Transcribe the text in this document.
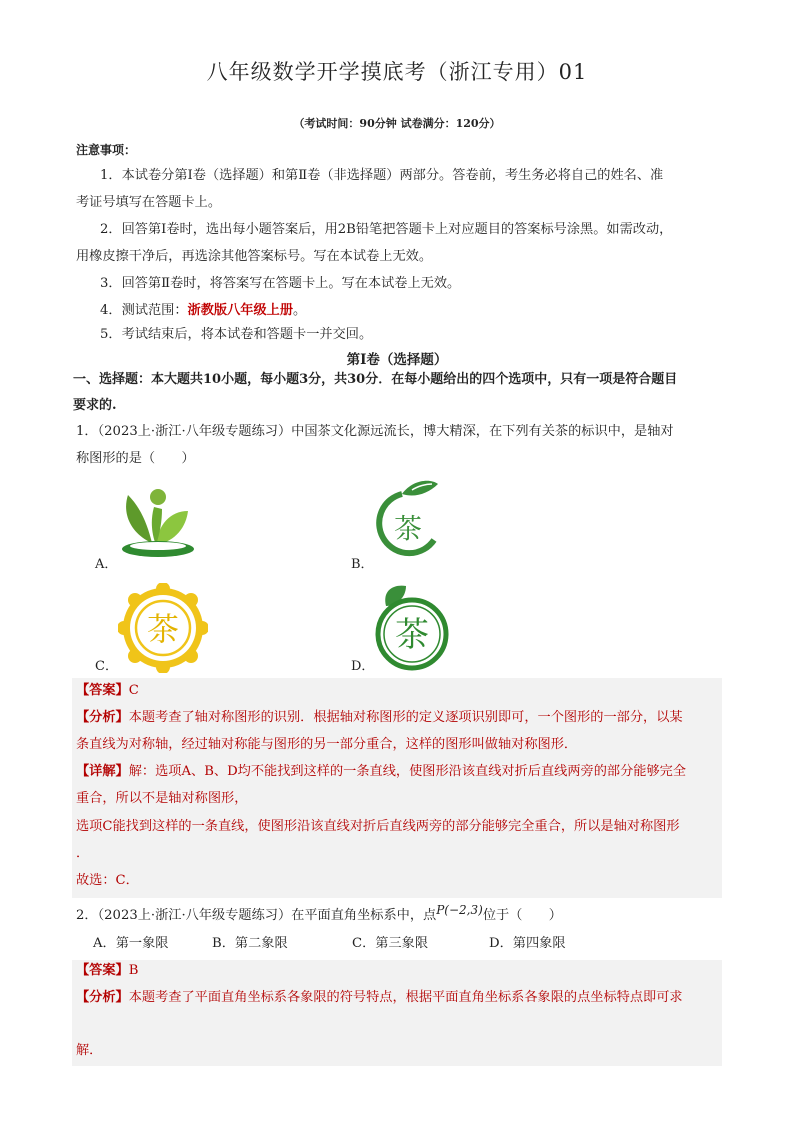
八年级数学开学摸底考（浙江专用）01
（考试时间：90分钟 试卷满分：120分）
注意事项：
1．本试卷分第Ⅰ卷（选择题）和第Ⅱ卷（非选择题）两部分。答卷前，考生务必将自己的姓名、准
考证号填写在答题卡上。
2．回答第Ⅰ卷时，选出每小题答案后，用2B铅笔把答题卡上对应题目的答案标号涂黑。如需改动，
用橡皮擦干净后，再选涂其他答案标号。写在本试卷上无效。
3．回答第Ⅱ卷时，将答案写在答题卡上。写在本试卷上无效。
4．测试范围：浙教版八年级上册。
5．考试结束后，将本试卷和答题卡一并交回。
第Ⅰ卷（选择题）
一、选择题：本大题共10小题，每小题3分，共30分．在每小题给出的四个选项中，只有一项是符合题目
要求的.
1．（2023上·浙江·八年级专题练习）中国茶文化源远流长，博大精深，在下列有关茶的标识中，是轴对
称图形的是（　　）
A．	B．
茶
C．
茶
D．
茶
【答案】C
【分析】本题考查了轴对称图形的识别．根据轴对称图形的定义逐项识别即可，一个图形的一部分，以某
条直线为对称轴，经过轴对称能与图形的另一部分重合，这样的图形叫做轴对称图形．
【详解】解：选项A、B、D均不能找到这样的一条直线，使图形沿该直线对折后直线两旁的部分能够完全
重合，所以不是轴对称图形，
选项C能找到这样的一条直线，使图形沿该直线对折后直线两旁的部分能够完全重合，所以是轴对称图形
．
故选：C．
2．（2023上·浙江·八年级专题练习）在平面直角坐标系中，点P(−2,3)位于（　　）
A．第一象限	B．第二象限	C．第三象限	D．第四象限
【答案】B
【分析】本题考查了平面直角坐标系各象限的符号特点，根据平面直角坐标系各象限的点坐标特点即可求
解．
